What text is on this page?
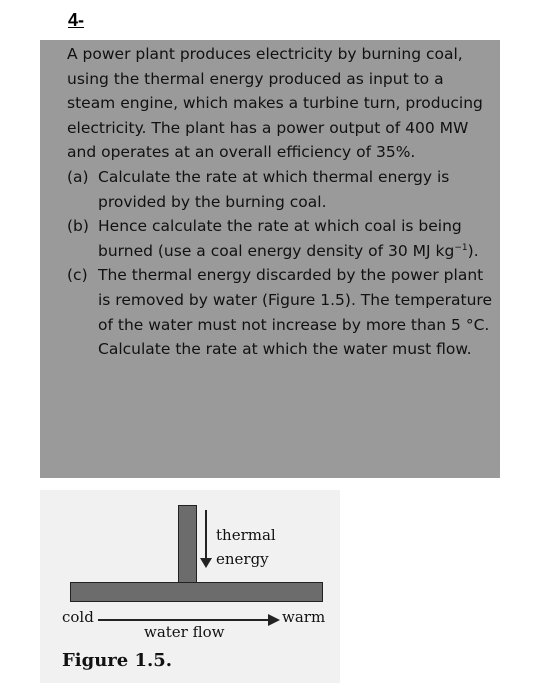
4-

A power plant produces electricity by burning coal, using the thermal energy produced as input to a steam engine, which makes a turbine turn, producing electricity. The plant has a power output of 400 MW and operates at an overall efficiency of 35%.

(a) Calculate the rate at which thermal energy is provided by the burning coal.
(b) Hence calculate the rate at which coal is being burned (use a coal energy density of 30 MJ $kg^{-1}$).
(c) The thermal energy discarded by the power plant is removed by water (Figure 1.5). The temperature of the water must not increase by more than 5 °C. Calculate the rate at which the water must flow.
thermal
energy
cold	warm
water flow
Figure 1.5.
